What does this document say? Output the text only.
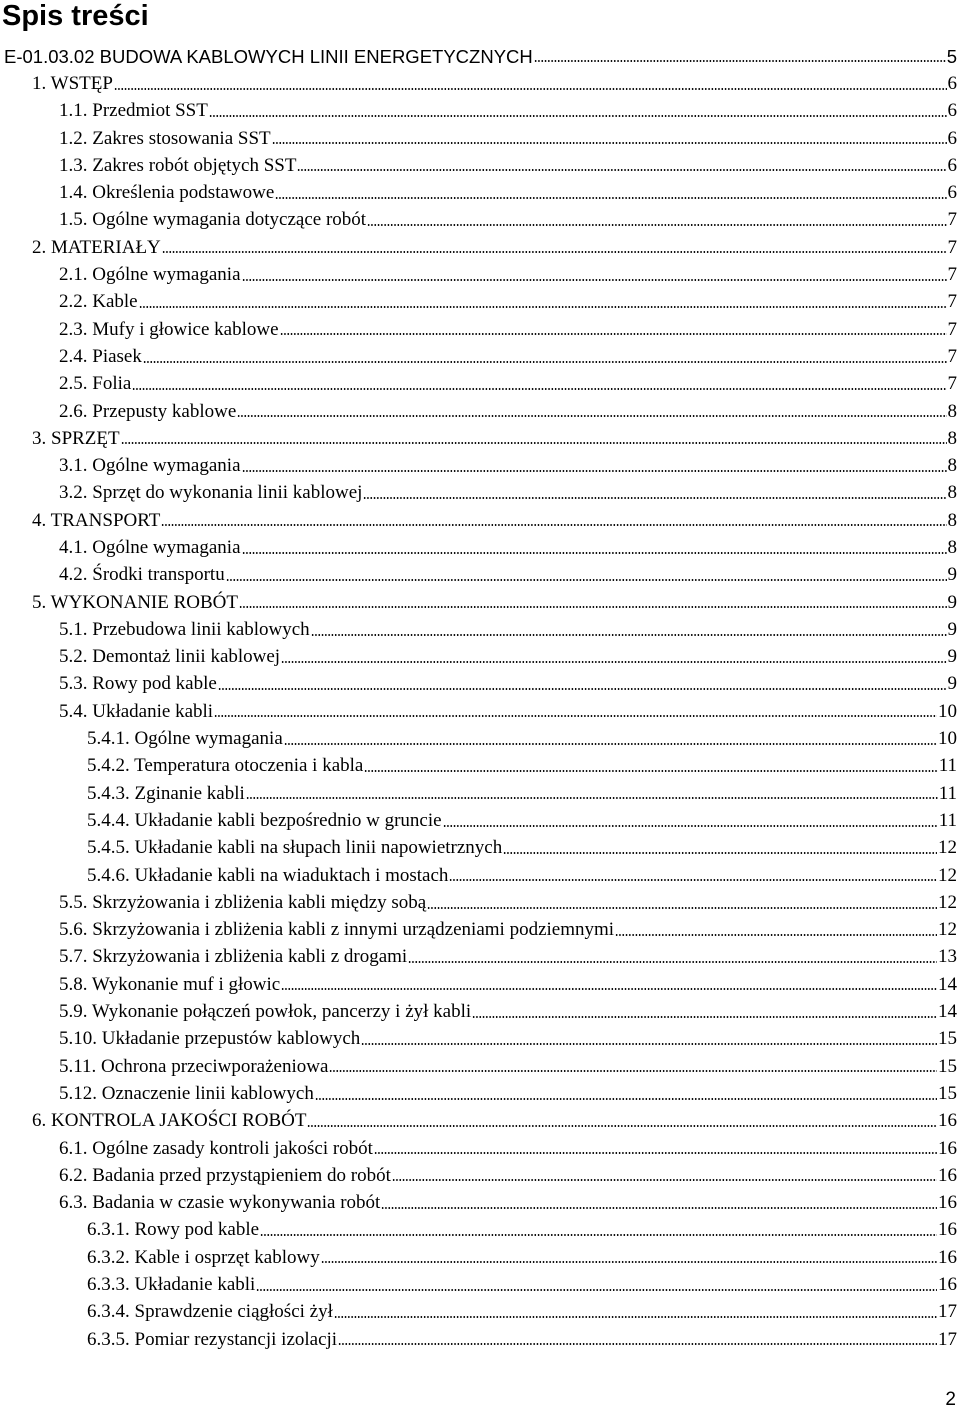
Spis treści
E-01.03.02 BUDOWA KABLOWYCH LINII ENERGETYCZNYCH	5
1. WSTĘP	6
1.1. Przedmiot SST	6
1.2. Zakres stosowania SST	6
1.3. Zakres robót objętych SST	6
1.4. Określenia podstawowe	6
1.5. Ogólne wymagania dotyczące robót	7
2. MATERIAŁY	7
2.1. Ogólne wymagania	7
2.2. Kable	7
2.3. Mufy i głowice kablowe	7
2.4. Piasek	7
2.5. Folia	7
2.6. Przepusty kablowe	8
3. SPRZĘT	8
3.1. Ogólne wymagania	8
3.2. Sprzęt do wykonania linii kablowej	8
4. TRANSPORT	8
4.1. Ogólne wymagania	8
4.2. Środki transportu	9
5. WYKONANIE ROBÓT	9
5.1. Przebudowa linii kablowych	9
5.2. Demontaż linii kablowej	9
5.3. Rowy pod kable	9
5.4. Układanie kabli	10
5.4.1. Ogólne wymagania	10
5.4.2. Temperatura otoczenia i kabla	11
5.4.3. Zginanie kabli	11
5.4.4. Układanie kabli bezpośrednio w gruncie	11
5.4.5. Układanie kabli na słupach linii napowietrznych	12
5.4.6. Układanie kabli na wiaduktach i mostach	12
5.5. Skrzyżowania i zbliżenia kabli między sobą	12
5.6. Skrzyżowania i zbliżenia kabli z innymi urządzeniami podziemnymi	12
5.7. Skrzyżowania i zbliżenia kabli z drogami	13
5.8. Wykonanie muf i głowic	14
5.9. Wykonanie połączeń powłok, pancerzy i żył kabli	14
5.10. Układanie przepustów kablowych	15
5.11. Ochrona przeciwporażeniowa	15
5.12. Oznaczenie linii kablowych	15
6. KONTROLA JAKOŚCI ROBÓT	16
6.1. Ogólne zasady kontroli jakości robót	16
6.2. Badania przed przystąpieniem do robót	16
6.3. Badania w czasie wykonywania robót	16
6.3.1. Rowy pod kable	16
6.3.2. Kable i osprzęt kablowy	16
6.3.3. Układanie kabli	16
6.3.4. Sprawdzenie ciągłości żył	17
6.3.5. Pomiar rezystancji izolacji	17
2
